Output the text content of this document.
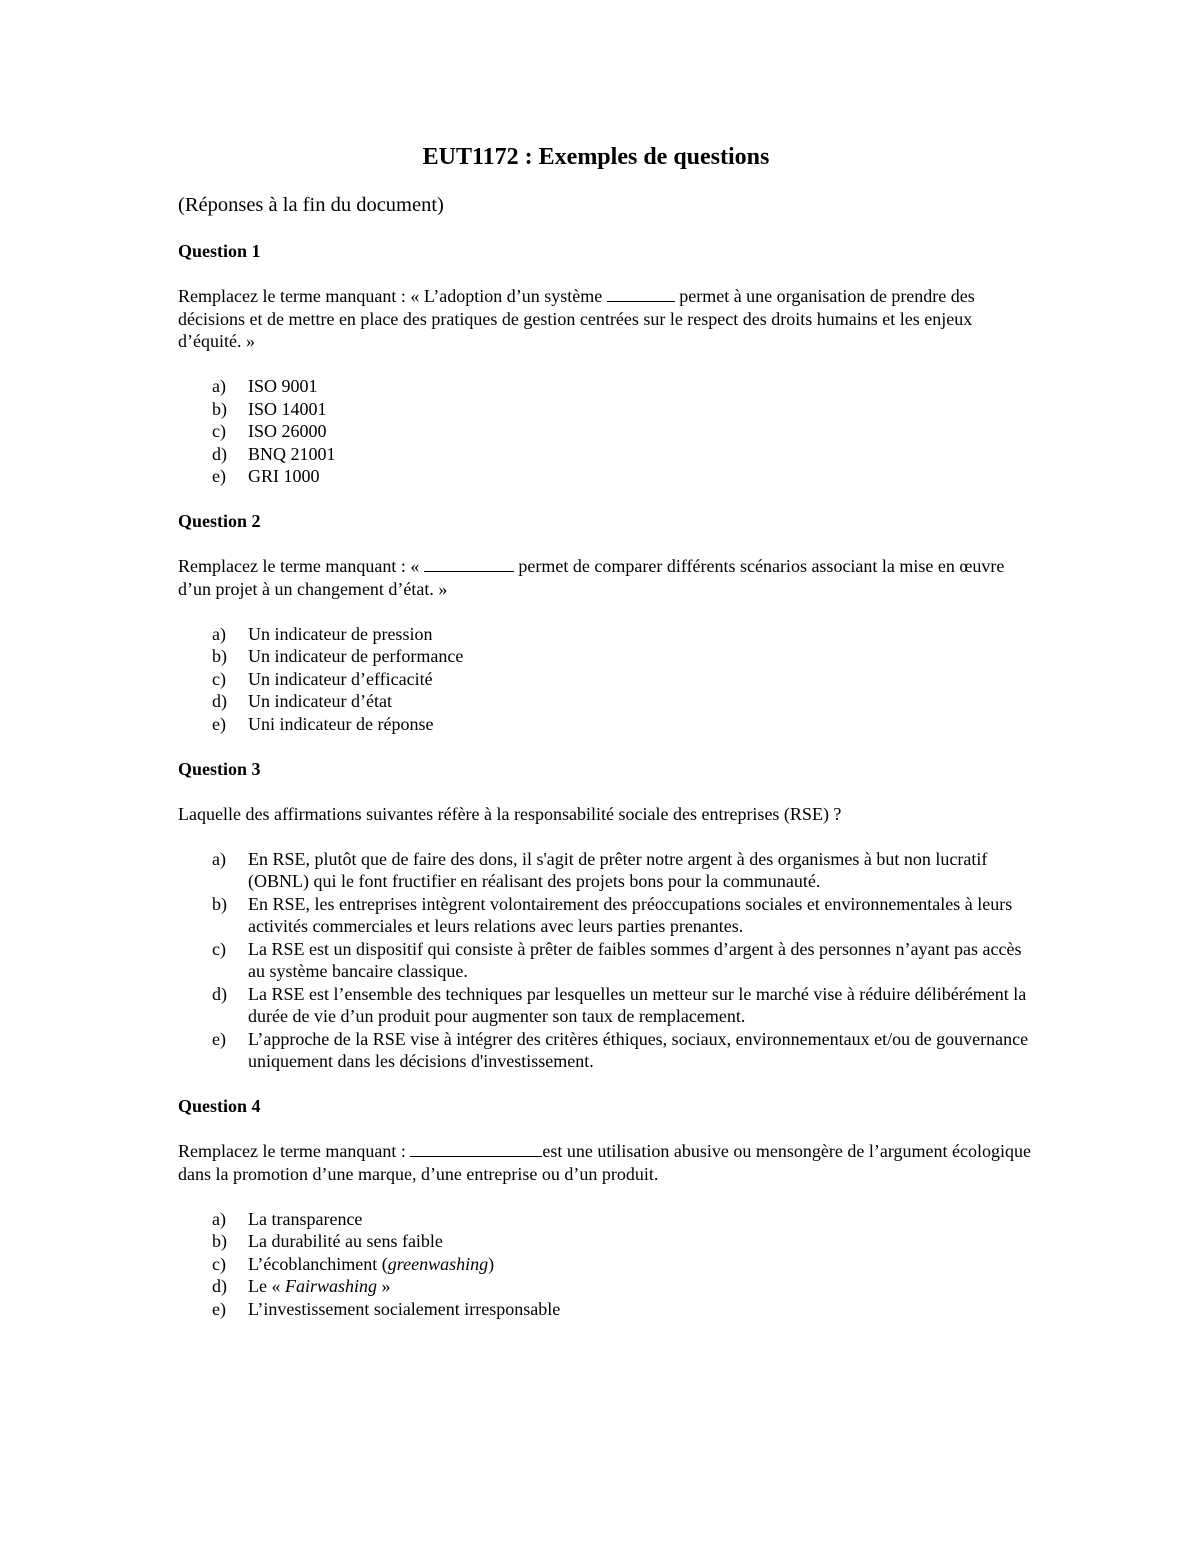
EUT1172 : Exemples de questions
(Réponses à la fin du document)
Question 1
Remplacez le terme manquant : « L’adoption d’un système	permet à une organisation de prendre des décisions et de mettre en place des pratiques de gestion centrées sur le respect des droits humains et les enjeux d’équité. »
a)	ISO 9001
b)	ISO 14001
c)	ISO 26000
d)	BNQ 21001
e)	GRI 1000
Question 2
Remplacez le terme manquant : «	permet de comparer différents scénarios associant la mise en œuvre d’un projet à un changement d’état. »
a)	Un indicateur de pression
b)	Un indicateur de performance
c)	Un indicateur d’efficacité
d)	Un indicateur d’état
e)	Uni indicateur de réponse
Question 3
Laquelle des affirmations suivantes réfère à la responsabilité sociale des entreprises (RSE) ?
a)	En RSE, plutôt que de faire des dons, il s'agit de prêter notre argent à des organismes à but non lucratif (OBNL) qui le font fructifier en réalisant des projets bons pour la communauté.
b)	En RSE, les entreprises intègrent volontairement des préoccupations sociales et environnementales à leurs activités commerciales et leurs relations avec leurs parties prenantes.
c)	La RSE est un dispositif qui consiste à prêter de faibles sommes d’argent à des personnes n’ayant pas accès au système bancaire classique.
d)	La RSE est l’ensemble des techniques par lesquelles un metteur sur le marché vise à réduire délibérément la durée de vie d’un produit pour augmenter son taux de remplacement.
e)	L’approche de la RSE vise à intégrer des critères éthiques, sociaux, environnementaux et/ou de gouvernance uniquement dans les décisions d'investissement.
Question 4
Remplacez le terme manquant :	est une utilisation abusive ou mensongère de l’argument écologique dans la promotion d’une marque, d’une entreprise ou d’un produit.
a)	La transparence
b)	La durabilité au sens faible
c)	L’écoblanchiment (greenwashing)
d)	Le « Fairwashing »
e)	L’investissement socialement irresponsable
